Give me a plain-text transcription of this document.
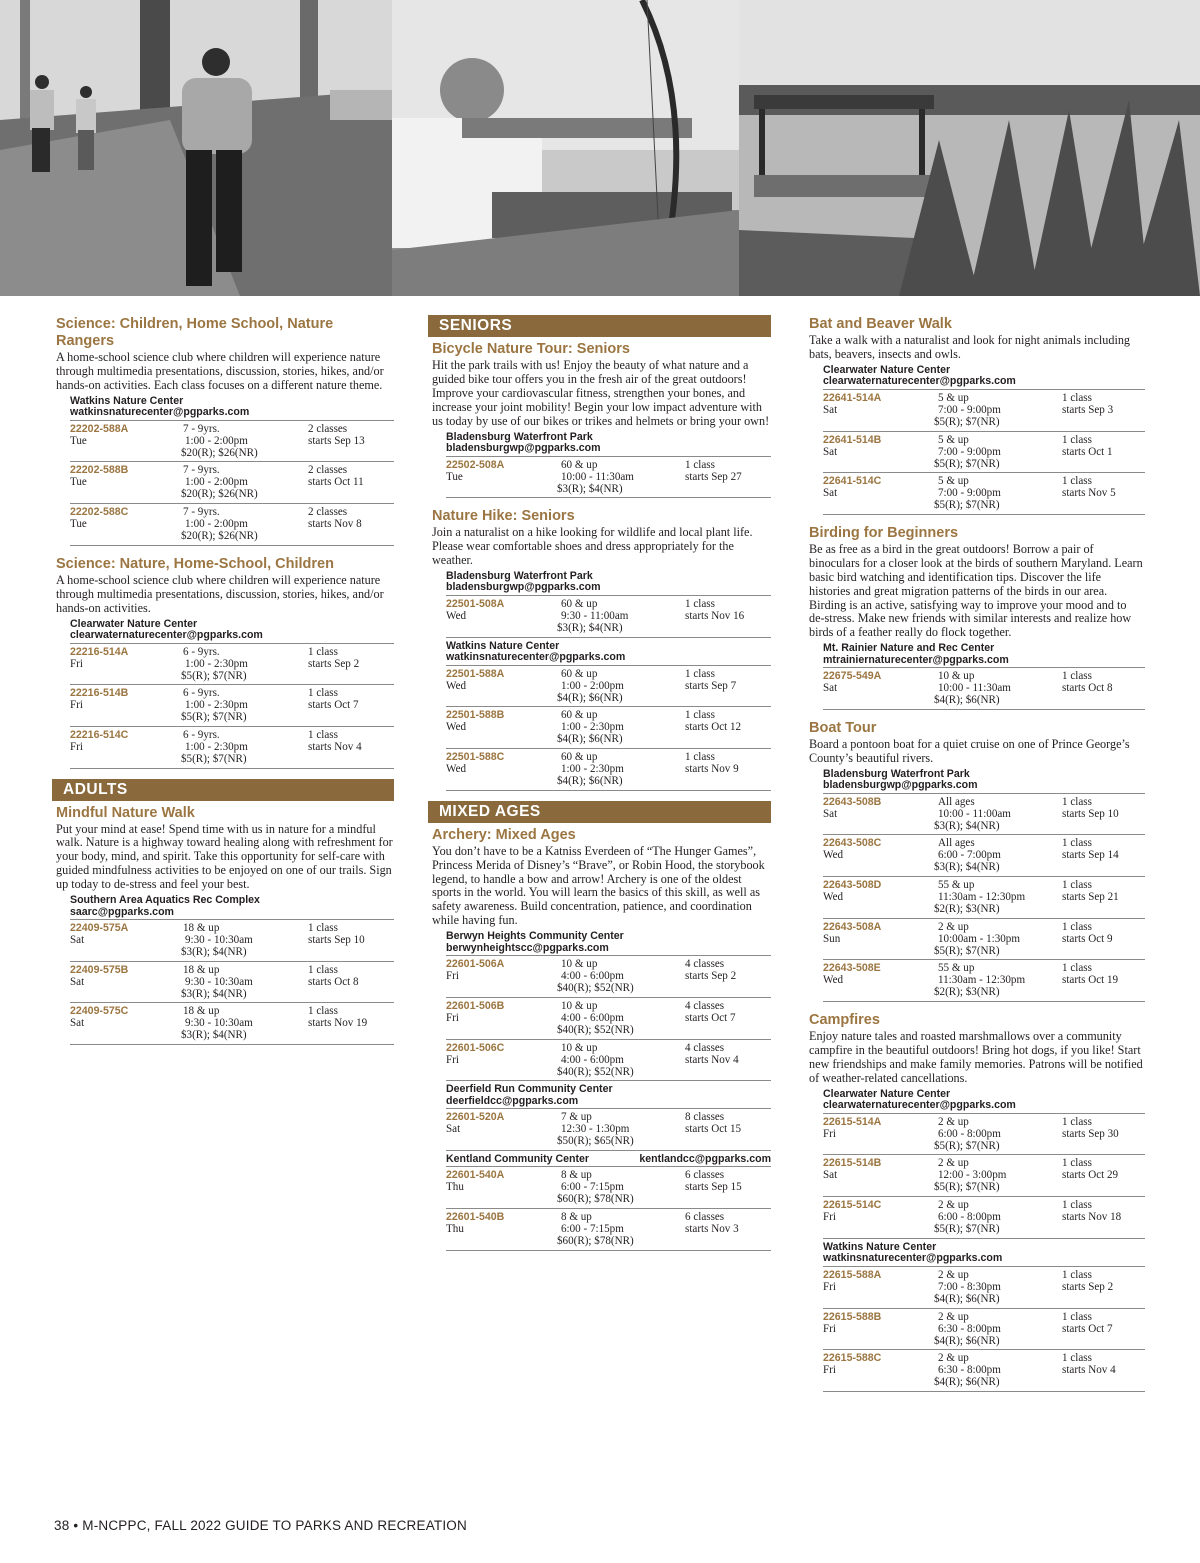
Science: Children, Home School, Nature Rangers
A home-school science club where children will experience nature through multimedia presentations, discussion, stories, hikes, and/or hands-on activities. Each class focuses on a different nature theme.
Watkins Nature Center
watkinsnaturecenter@pgparks.com
22202-588A
Tue
7 - 9yrs.
1:00 - 2:00pm
$20(R); $26(NR)
2 classes
starts Sep 13
22202-588B
Tue
7 - 9yrs.
1:00 - 2:00pm
$20(R); $26(NR)
2 classes
starts Oct 11
22202-588C
Tue
7 - 9yrs.
1:00 - 2:00pm
$20(R); $26(NR)
2 classes
starts Nov 8
Science: Nature, Home-School, Children
A home-school science club where children will experience nature through multimedia presentations, discussion, stories, hikes, and/or hands-on activities.
Clearwater Nature Center
clearwaternaturecenter@pgparks.com
22216-514A
Fri
6 - 9yrs.
1:00 - 2:30pm
$5(R); $7(NR)
1 class
starts Sep 2
22216-514B
Fri
6 - 9yrs.
1:00 - 2:30pm
$5(R); $7(NR)
1 class
starts Oct 7
22216-514C
Fri
6 - 9yrs.
1:00 - 2:30pm
$5(R); $7(NR)
1 class
starts Nov 4
ADULTS
Mindful Nature Walk
Put your mind at ease! Spend time with us in nature for a mindful walk. Nature is a highway toward healing along with refreshment for your body, mind, and spirit. Take this opportunity for self-care with guided mindfulness activities to be enjoyed on one of our trails. Sign up today to de-stress and feel your best.
Southern Area Aquatics Rec Complex
saarc@pgparks.com
22409-575A
Sat
18 & up
9:30 - 10:30am
$3(R); $4(NR)
1 class
starts Sep 10
22409-575B
Sat
18 & up
9:30 - 10:30am
$3(R); $4(NR)
1 class
starts Oct 8
22409-575C
Sat
18 & up
9:30 - 10:30am
$3(R); $4(NR)
1 class
starts Nov 19
SENIORS
Bicycle Nature Tour: Seniors
Hit the park trails with us! Enjoy the beauty of what nature and a guided bike tour offers you in the fresh air of the great outdoors! Improve your cardiovascular fitness, strengthen your bones, and increase your joint mobility! Begin your low impact adventure with us today by use of our bikes or trikes and helmets or bring your own!
Bladensburg Waterfront Park
bladensburgwp@pgparks.com
22502-508A
Tue
60 & up
10:00 - 11:30am
$3(R); $4(NR)
1 class
starts Sep 27
Nature Hike: Seniors
Join a naturalist on a hike looking for wildlife and local plant life. Please wear comfortable shoes and dress appropriately for the weather.
Bladensburg Waterfront Park
bladensburgwp@pgparks.com
22501-508A
Wed
60 & up
9:30 - 11:00am
$3(R); $4(NR)
1 class
starts Nov 16
Watkins Nature Center
watkinsnaturecenter@pgparks.com
22501-588A
Wed
60 & up
1:00 - 2:00pm
$4(R); $6(NR)
1 class
starts Sep 7
22501-588B
Wed
60 & up
1:00 - 2:30pm
$4(R); $6(NR)
1 class
starts Oct 12
22501-588C
Wed
60 & up
1:00 - 2:30pm
$4(R); $6(NR)
1 class
starts Nov 9
MIXED AGES
Archery: Mixed Ages
You don’t have to be a Katniss Everdeen of “The Hunger Games”, Princess Merida of Disney’s “Brave”, or Robin Hood, the storybook legend, to handle a bow and arrow! Archery is one of the oldest sports in the world. You will learn the basics of this skill, as well as safety awareness. Build concentration, patience, and coordination while having fun.
Berwyn Heights Community Center
berwynheightscc@pgparks.com
22601-506A
Fri
10 & up
4:00 - 6:00pm
$40(R); $52(NR)
4 classes
starts Sep 2
22601-506B
Fri
10 & up
4:00 - 6:00pm
$40(R); $52(NR)
4 classes
starts Oct 7
22601-506C
Fri
10 & up
4:00 - 6:00pm
$40(R); $52(NR)
4 classes
starts Nov 4
Deerfield Run Community Center
deerfieldcc@pgparks.com
22601-520A
Sat
7 & up
12:30 - 1:30pm
$50(R); $65(NR)
8 classes
starts Oct 15
Kentland Community Center	kentlandcc@pgparks.com
22601-540A
Thu
8 & up
6:00 - 7:15pm
$60(R); $78(NR)
6 classes
starts Sep 15
22601-540B
Thu
8 & up
6:00 - 7:15pm
$60(R); $78(NR)
6 classes
starts Nov 3
Bat and Beaver Walk
Take a walk with a naturalist and look for night animals including bats, beavers, insects and owls.
Clearwater Nature Center
clearwaternaturecenter@pgparks.com
22641-514A
Sat
5 & up
7:00 - 9:00pm
$5(R); $7(NR)
1 class
starts Sep 3
22641-514B
Sat
5 & up
7:00 - 9:00pm
$5(R); $7(NR)
1 class
starts Oct 1
22641-514C
Sat
5 & up
7:00 - 9:00pm
$5(R); $7(NR)
1 class
starts Nov 5
Birding for Beginners
Be as free as a bird in the great outdoors! Borrow a pair of binoculars for a closer look at the birds of southern Maryland. Learn basic bird watching and identification tips. Discover the life histories and great migration patterns of the birds in our area. Birding is an active, satisfying way to improve your mood and to de-stress. Make new friends with similar interests and realize how birds of a feather really do flock together.
Mt. Rainier Nature and Rec Center
mtrainiernaturecenter@pgparks.com
22675-549A
Sat
10 & up
10:00 - 11:30am
$4(R); $6(NR)
1 class
starts Oct 8
Boat Tour
Board a pontoon boat for a quiet cruise on one of Prince George’s County’s beautiful rivers.
Bladensburg Waterfront Park
bladensburgwp@pgparks.com
22643-508B
Sat
All ages
10:00 - 11:00am
$3(R); $4(NR)
1 class
starts Sep 10
22643-508C
Wed
All ages
6:00 - 7:00pm
$3(R); $4(NR)
1 class
starts Sep 14
22643-508D
Wed
55 & up
11:30am - 12:30pm
$2(R); $3(NR)
1 class
starts Sep 21
22643-508A
Sun
2 & up
10:00am - 1:30pm
$5(R); $7(NR)
1 class
starts Oct 9
22643-508E
Wed
55 & up
11:30am - 12:30pm
$2(R); $3(NR)
1 class
starts Oct 19
Campfires
Enjoy nature tales and roasted marshmallows over a community campfire in the beautiful outdoors! Bring hot dogs, if you like! Start new friendships and make family memories. Patrons will be notified of weather-related cancellations.
Clearwater Nature Center
clearwaternaturecenter@pgparks.com
22615-514A
Fri
2 & up
6:00 - 8:00pm
$5(R); $7(NR)
1 class
starts Sep 30
22615-514B
Sat
2 & up
12:00 - 3:00pm
$5(R); $7(NR)
1 class
starts Oct 29
22615-514C
Fri
2 & up
6:00 - 8:00pm
$5(R); $7(NR)
1 class
starts Nov 18
Watkins Nature Center
watkinsnaturecenter@pgparks.com
22615-588A
Fri
2 & up
7:00 - 8:30pm
$4(R); $6(NR)
1 class
starts Sep 2
22615-588B
Fri
2 & up
6:30 - 8:00pm
$4(R); $6(NR)
1 class
starts Oct 7
22615-588C
Fri
2 & up
6:30 - 8:00pm
$4(R); $6(NR)
1 class
starts Nov 4
38 • M-NCPPC, FALL 2022 GUIDE TO PARKS AND RECREATION
